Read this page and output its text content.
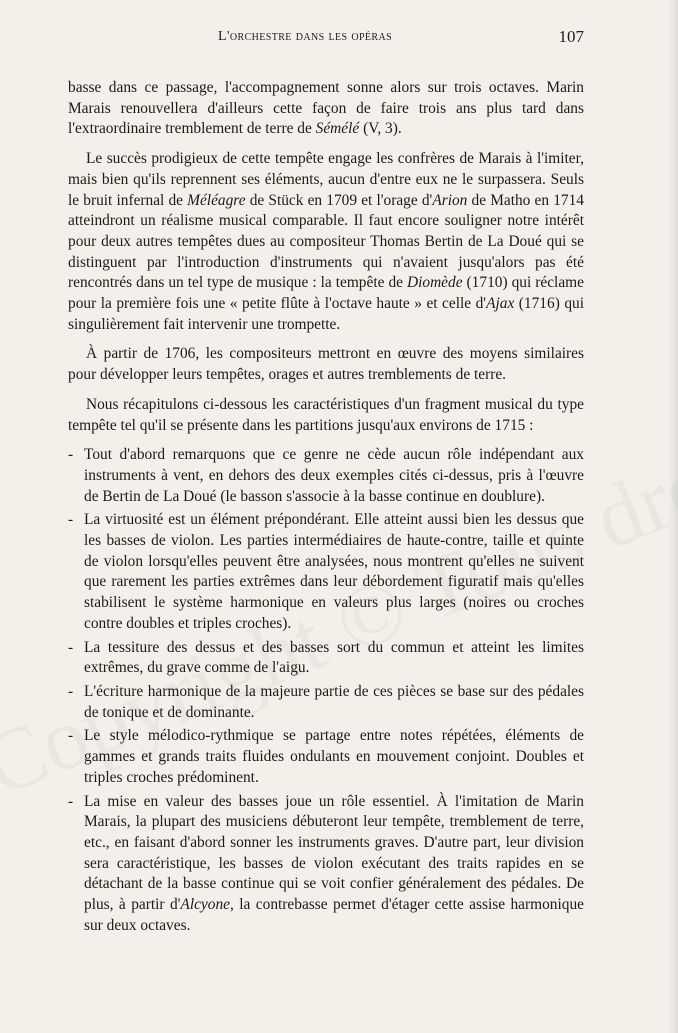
L'orchestre dans les opéras	107

basse dans ce passage, l'accompagnement sonne alors sur trois octaves. Marin Marais renouvellera d'ailleurs cette façon de faire trois ans plus tard dans l'extraordinaire tremblement de terre de Sémélé (V, 3).

Le succès prodigieux de cette tempête engage les confrères de Marais à l'imiter, mais bien qu'ils reprennent ses éléments, aucun d'entre eux ne le surpassera. Seuls le bruit infernal de Méléagre de Stück en 1709 et l'orage d'Arion de Matho en 1714 atteindront un réalisme musical comparable. Il faut encore souligner notre intérêt pour deux autres tempêtes dues au compositeur Thomas Bertin de La Doué qui se distinguent par l'introduction d'instruments qui n'avaient jusqu'alors pas été rencontrés dans un tel type de musique : la tempête de Diomède (1710) qui réclame pour la première fois une « petite flûte à l'octave haute » et celle d'Ajax (1716) qui singulièrement fait intervenir une trompette.

À partir de 1706, les compositeurs mettront en œuvre des moyens similaires pour développer leurs tempêtes, orages et autres tremblements de terre.

Nous récapitulons ci-dessous les caractéristiques d'un fragment musical du type tempête tel qu'il se présente dans les partitions jusqu'aux environs de 1715 :

- Tout d'abord remarquons que ce genre ne cède aucun rôle indépendant aux instruments à vent, en dehors des deux exemples cités ci-dessus, pris à l'œuvre de Bertin de La Doué (le basson s'associe à la basse continue en doublure).
- La virtuosité est un élément prépondérant. Elle atteint aussi bien les dessus que les basses de violon. Les parties intermédiaires de haute-contre, taille et quinte de violon lorsqu'elles peuvent être analysées, nous montrent qu'elles ne suivent que rarement les parties extrêmes dans leur débordement figuratif mais qu'elles stabilisent le système harmonique en valeurs plus larges (noires ou croches contre doubles et triples croches).
- La tessiture des dessus et des basses sort du commun et atteint les limites extrêmes, du grave comme de l'aigu.
- L'écriture harmonique de la majeure partie de ces pièces se base sur des pédales de tonique et de dominante.
- Le style mélodico-rythmique se partage entre notes répétées, éléments de gammes et grands traits fluides ondulants en mouvement conjoint. Doubles et triples croches prédominent.
- La mise en valeur des basses joue un rôle essentiel. À l'imitation de Marin Marais, la plupart des musiciens débuteront leur tempête, tremblement de terre, etc., en faisant d'abord sonner les instruments graves. D'autre part, leur division sera caractéristique, les basses de violon exécutant des traits rapides en se détachant de la basse continue qui se voit confier généralement des pédales. De plus, à partir d'Alcyone, la contrebasse permet d'étager cette assise harmonique sur deux octaves.
